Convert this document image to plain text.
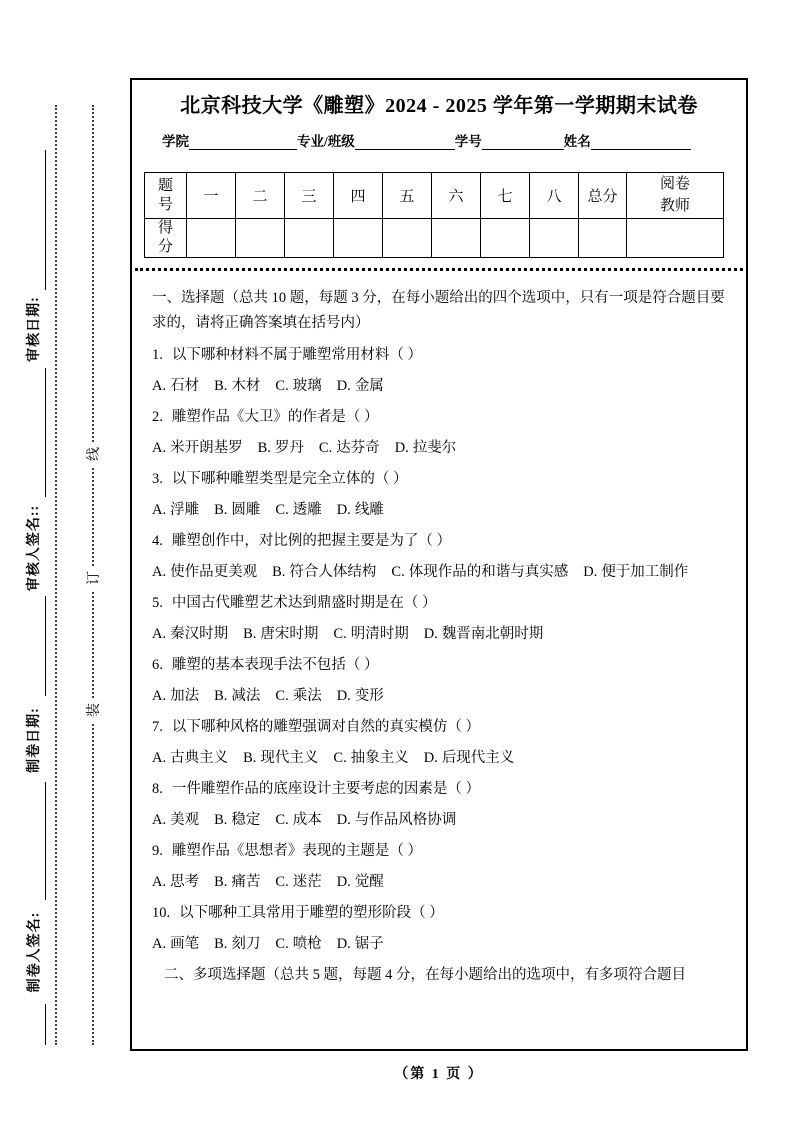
审核日期:
审核人签名::
制卷日期:
制卷人签名:
线
订
装
北京科技大学《雕塑》2024 - 2025 学年第一学期期末试卷
学院	专业/班级	学号	姓名
题号	一	二	三	四	五	六	七	八	总分	阅卷教师
得分										

一、选择题（总共 10 题，每题 3 分，在每小题给出的四个选项中，只有一项是符合题目要求的，请将正确答案填在括号内）

1. 以下哪种材料不属于雕塑常用材料（ ）

A. 石材 B. 木材 C. 玻璃 D. 金属

2. 雕塑作品《大卫》的作者是（ ）

A. 米开朗基罗 B. 罗丹 C. 达芬奇 D. 拉斐尔

3. 以下哪种雕塑类型是完全立体的（ ）

A. 浮雕 B. 圆雕 C. 透雕 D. 线雕

4. 雕塑创作中，对比例的把握主要是为了（ ）

A. 使作品更美观 B. 符合人体结构 C. 体现作品的和谐与真实感 D. 便于加工制作

5. 中国古代雕塑艺术达到鼎盛时期是在（ ）

A. 秦汉时期 B. 唐宋时期 C. 明清时期 D. 魏晋南北朝时期

6. 雕塑的基本表现手法不包括（ ）

A. 加法 B. 减法 C. 乘法 D. 变形

7. 以下哪种风格的雕塑强调对自然的真实模仿（ ）

A. 古典主义 B. 现代主义 C. 抽象主义 D. 后现代主义

8. 一件雕塑作品的底座设计主要考虑的因素是（ ）

A. 美观 B. 稳定 C. 成本 D. 与作品风格协调

9. 雕塑作品《思想者》表现的主题是（ ）

A. 思考 B. 痛苦 C. 迷茫 D. 觉醒

10. 以下哪种工具常用于雕塑的塑形阶段（ ）

A. 画笔 B. 刻刀 C. 喷枪 D. 锯子

二、多项选择题（总共 5 题，每题 4 分，在每小题给出的选项中，有多项符合题目

（第 1 页 ）
